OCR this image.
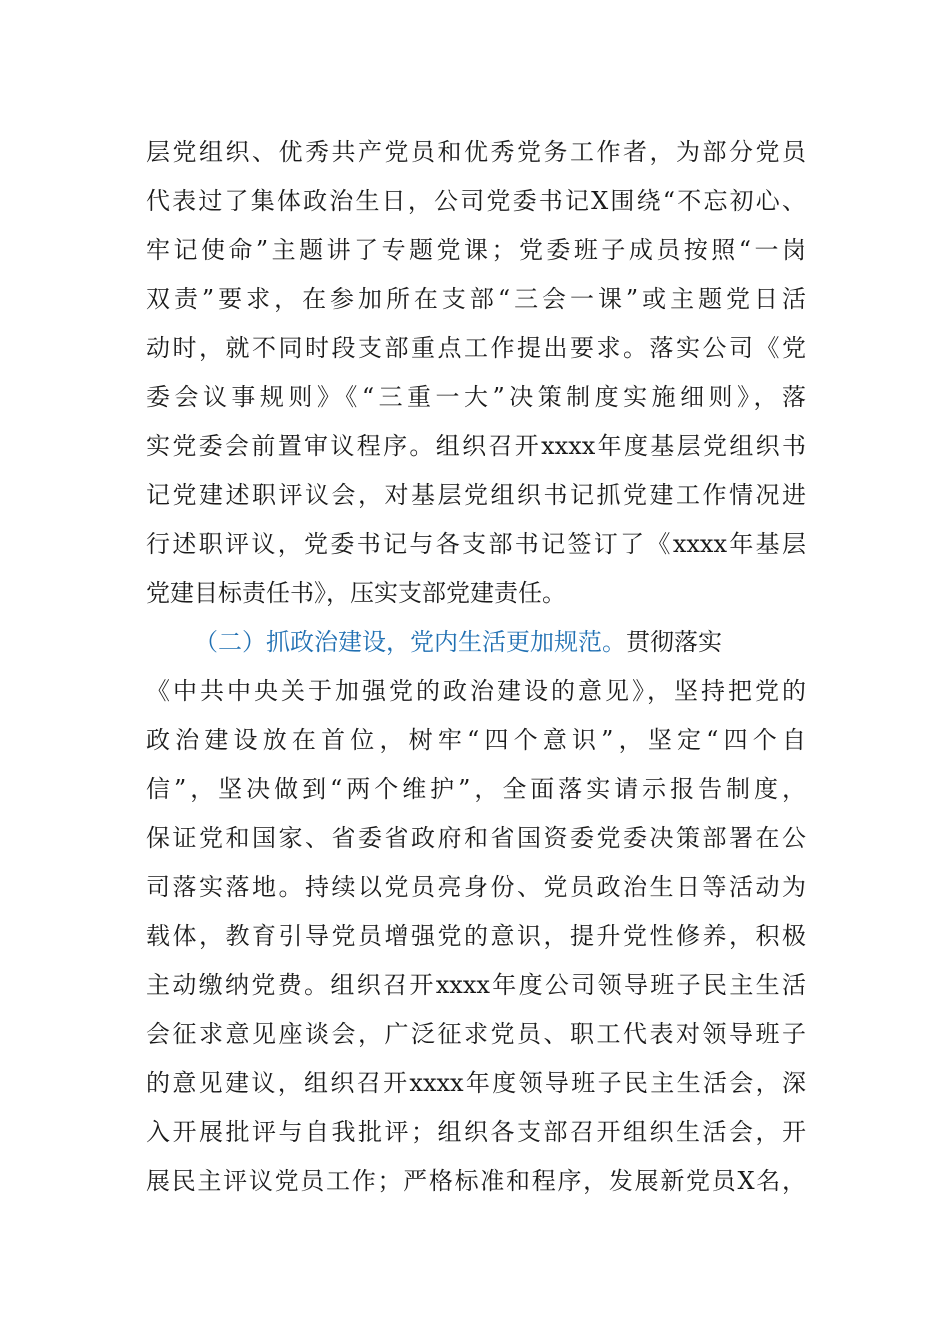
层党组织、优秀共产党员和优秀党务工作者，为部分党员
代表过了集体政治生日，公司党委书记X围绕“不忘初心、
牢记使命”主题讲了专题党课；党委班子成员按照“一岗
双责”要求，在参加所在支部“三会一课”或主题党日活
动时，就不同时段支部重点工作提出要求。落实公司《党
委会议事规则》《“三重一大”决策制度实施细则》，落
实党委会前置审议程序。组织召开xxxx年度基层党组织书
记党建述职评议会，对基层党组织书记抓党建工作情况进
行述职评议，党委书记与各支部书记签订了《xxxx年基层
党建目标责任书》，压实支部党建责任。
（二）抓政治建设，党内生活更加规范。贯彻落实
《中共中央关于加强党的政治建设的意见》，坚持把党的
政治建设放在首位，树牢“四个意识”，坚定“四个自
信”，坚决做到“两个维护”，全面落实请示报告制度，
保证党和国家、省委省政府和省国资委党委决策部署在公
司落实落地。持续以党员亮身份、党员政治生日等活动为
载体，教育引导党员增强党的意识，提升党性修养，积极
主动缴纳党费。组织召开xxxx年度公司领导班子民主生活
会征求意见座谈会，广泛征求党员、职工代表对领导班子
的意见建议，组织召开xxxx年度领导班子民主生活会，深
入开展批评与自我批评；组织各支部召开组织生活会，开
展民主评议党员工作；严格标准和程序，发展新党员X名，
